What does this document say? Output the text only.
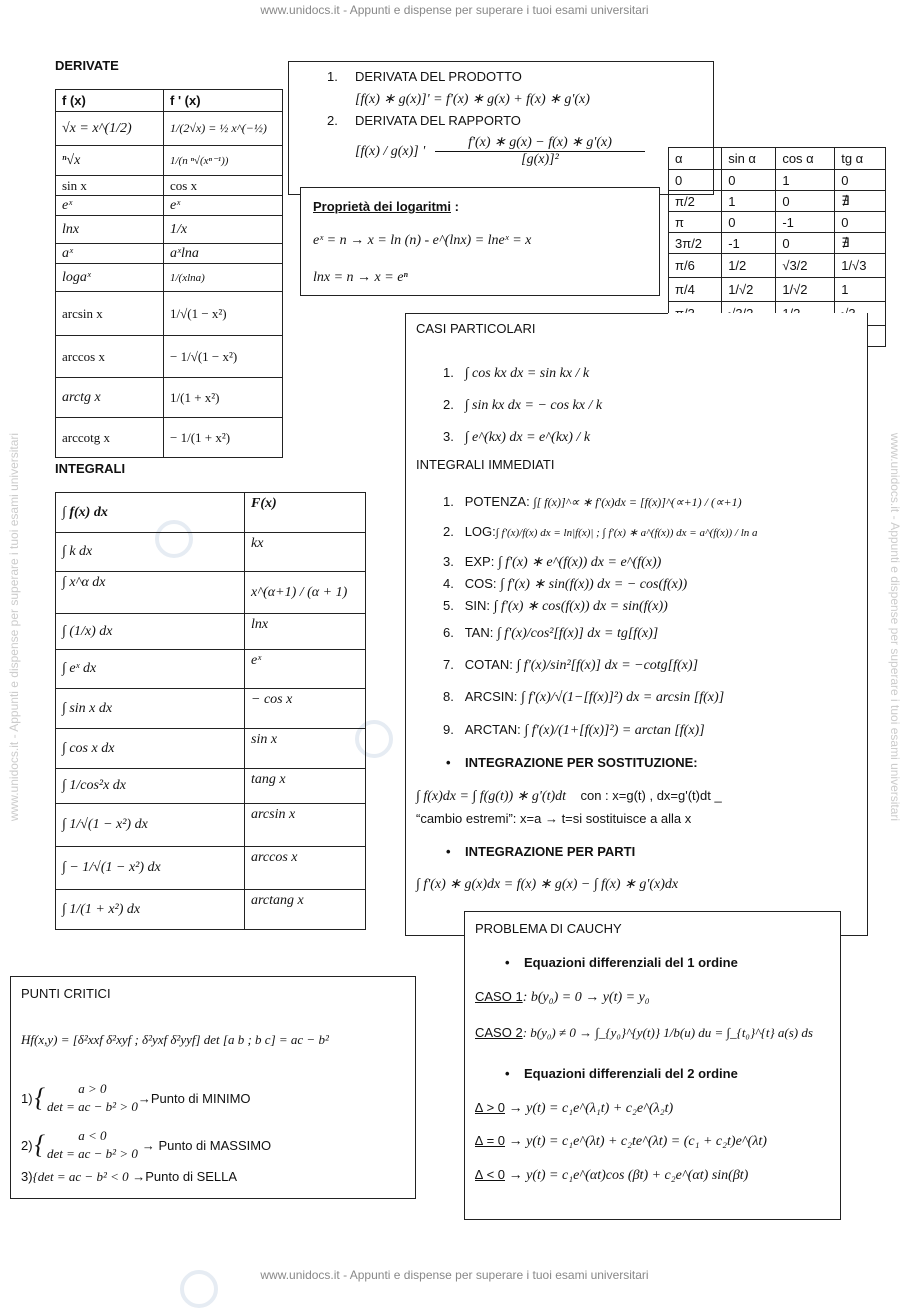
www.unidocs.it - Appunti e dispense per superare i tuoi esami universitari
www.unidocs.it - Appunti e dispense per superare i tuoi esami universitari
www.unidocs.it - Appunti e dispense per superare i tuoi esami universitari	www.unidocs.it - Appunti e dispense per superare i tuoi esami universitari
DERIVATE
f (x)	f ' (x)
√x = x^(1/2)	1/(2√x) = ½ x^(−½)
ⁿ√x	1/(n ⁿ√(xⁿ⁻¹))
sin x	cos x
eˣ	eˣ
lnx	1/x
aˣ	aˣlna
logaˣ	1/(xlna)
arcsin x	1/√(1 − x²)
arccos x	− 1/√(1 − x²)
arctg x	1/(1 + x²)
arccotg x	− 1/(1 + x²)
1. DERIVATA DEL PRODOTTO
[f(x) ∗ g(x)]' = f'(x) ∗ g(x) + f(x) ∗ g'(x)
2. DERIVATA DEL RAPPORTO
[f(x) / g(x)] ' $\frac{f'(x) ∗ g(x) - f(x) ∗ g'(x)}{\text{[g(x)]²}}$
Proprietà dei logaritmi :
eˣ = n → x = ln (n) - e^(lnx) = lneˣ = x
lnx = n → x = eⁿ
α	sin α	cos α	tg α
0	0	1	0
π/2	1	0	∄
π	0	-1	0
3π/2	-1	0	∄
π/6	1/2	√3/2	1/√3
π/4	1/√2	1/√2	1

CASI PARTICOLARI
1. ∫ cos kx dx = sin kx / k
2. ∫ sin kx dx = − cos kx / k
3. ∫ e^(kx) dx = e^(kx) / k
INTEGRALI IMMEDIATI
1. POTENZA: ∫[ f(x)]^∝ ∗ f'(x)dx = [f(x)]^(∝+1) / (∝+1)
2. LOG:∫ f'(x)/f(x) dx = ln|f(x)| ; ∫ f'(x) ∗ a^(f(x)) dx = a^(f(x)) / ln a
3. EXP: ∫ f'(x) ∗ e^(f(x)) dx = e^(f(x))
4. COS: ∫ f'(x) ∗ sin(f(x)) dx = − cos(f(x))
5. SIN: ∫ f'(x) ∗ cos(f(x)) dx = sin(f(x))
6. TAN: ∫ f'(x)/cos²[f(x)] dx = tg[f(x)]
7. COTAN: ∫ f'(x)/sin²[f(x)] dx = −cotg[f(x)]
8. ARCSIN: ∫ f'(x)/√(1−[f(x)]²) dx = arcsin [f(x)]
9. ARCTAN: ∫ f'(x)/(1+[f(x)]²) = arctan [f(x)]
• INTEGRAZIONE PER SOSTITUZIONE:
∫ f(x)dx = ∫ f(g(t)) ∗ g'(t)dt con : x=g(t) , dx=g'(t)dt _
“cambio estremi”: x=a → t=si sostituisce a alla x
• INTEGRAZIONE PER PARTI
∫ f'(x) ∗ g(x)dx = f(x) ∗ g(x) − ∫ f(x) ∗ g'(x)dx
INTEGRALI
∫ f(x) dx	F(x)
∫ k dx	kx
∫ x^α dx	x^(α+1) / (α + 1)
∫ (1/x) dx	lnx
∫ eˣ dx	eˣ
∫ sin x dx	− cos x
∫ cos x dx	sin x
∫ 1/cos²x dx	tang x
∫ 1/√(1 − x²) dx	arcsin x
∫ − 1/√(1 − x²) dx	arccos x
∫ 1/(1 + x²) dx	arctang x
PUNTI CRITICI
Hf(x,y) = [δ²xxf δ²xyf ; δ²yxf δ²yyf] det [a b ; b c] = ac − b²
1) {	a > 0
det = ac − b² > 0
→Punto di MINIMO
2) {	a < 0
det = ac − b² > 0
→ Punto di MASSIMO
3){det = ac − b² < 0 →Punto di SELLA
PROBLEMA DI CAUCHY
• Equazioni differenziali del 1 ordine
CASO 1: b(y₀) = 0 → y(t) = y₀
CASO 2: b(y₀) ≠ 0 → ∫_{y₀}^{y(t)} 1/b(u) du = ∫_{t₀}^{t} a(s) ds
• Equazioni differenziali del 2 ordine
∆ > 0 → y(t) = c₁e^(λ₁t) + c₂e^(λ₂t)
∆ = 0 → y(t) = c₁e^(λt) + c₂te^(λt) = (c₁ + c₂t)e^(λt)
∆ < 0 → y(t) = c₁e^(αt)cos (βt) + c₂e^(αt) sin(βt)
